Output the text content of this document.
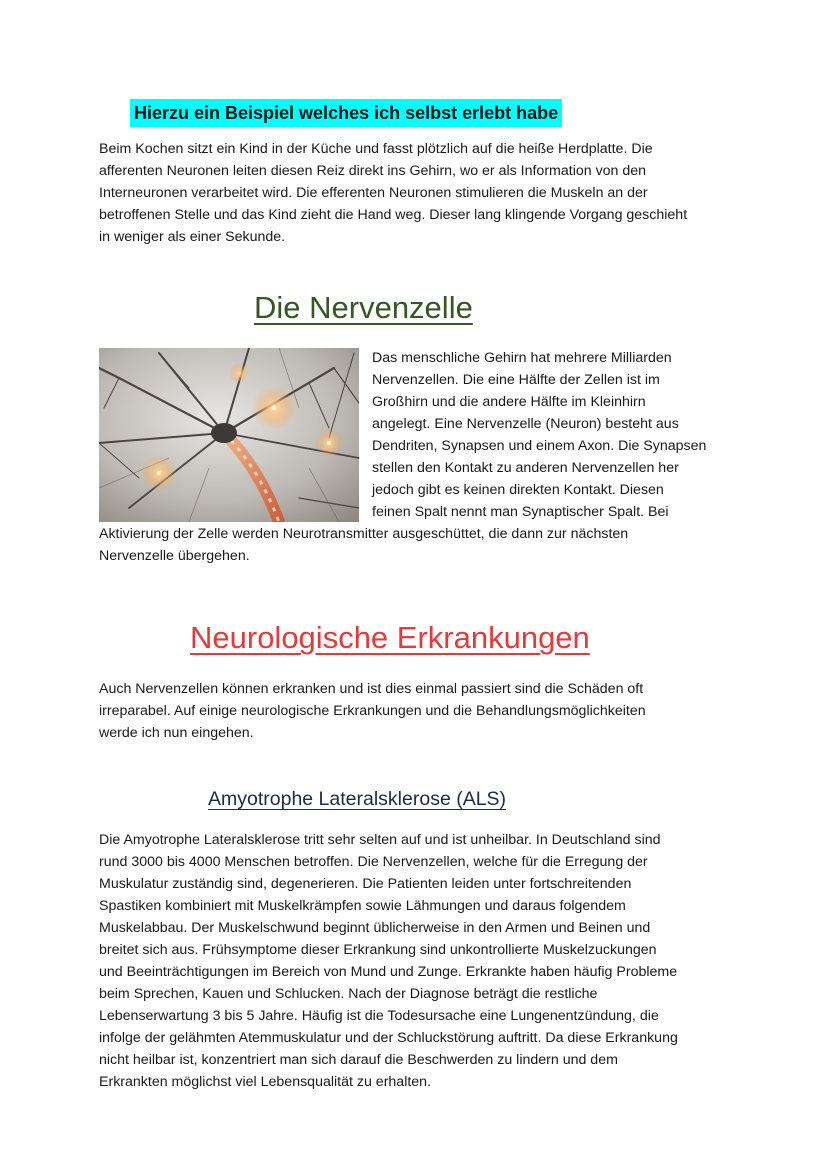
Hierzu ein Beispiel welches ich selbst erlebt habe

Beim Kochen sitzt ein Kind in der Küche und fasst plötzlich auf die heiße Herdplatte. Die
afferenten Neuronen leiten diesen Reiz direkt ins Gehirn, wo er als Information von den
Interneuronen verarbeitet wird. Die efferenten Neuronen stimulieren die Muskeln an der
betroffenen Stelle und das Kind zieht die Hand weg. Dieser lang klingende Vorgang geschieht
in weniger als einer Sekunde.

Die Nervenzelle

Das menschliche Gehirn hat mehrere Milliarden
Nervenzellen. Die eine Hälfte der Zellen ist im
Großhirn und die andere Hälfte im Kleinhirn
angelegt. Eine Nervenzelle (Neuron) besteht aus
Dendriten, Synapsen und einem Axon. Die Synapsen
stellen den Kontakt zu anderen Nervenzellen her
jedoch gibt es keinen direkten Kontakt. Diesen
feinen Spalt nennt man Synaptischer Spalt. Bei

Aktivierung der Zelle werden Neurotransmitter ausgeschüttet, die dann zur nächsten
Nervenzelle übergehen.

Neurologische Erkrankungen

Auch Nervenzellen können erkranken und ist dies einmal passiert sind die Schäden oft
irreparabel. Auf einige neurologische Erkrankungen und die Behandlungsmöglichkeiten
werde ich nun eingehen.

Amyotrophe Lateralsklerose (ALS)

Die Amyotrophe Lateralsklerose tritt sehr selten auf und ist unheilbar. In Deutschland sind
rund 3000 bis 4000 Menschen betroffen. Die Nervenzellen, welche für die Erregung der
Muskulatur zuständig sind, degenerieren. Die Patienten leiden unter fortschreitenden
Spastiken kombiniert mit Muskelkrämpfen sowie Lähmungen und daraus folgendem
Muskelabbau. Der Muskelschwund beginnt üblicherweise in den Armen und Beinen und
breitet sich aus. Frühsymptome dieser Erkrankung sind unkontrollierte Muskelzuckungen
und Beeinträchtigungen im Bereich von Mund und Zunge. Erkrankte haben häufig Probleme
beim Sprechen, Kauen und Schlucken. Nach der Diagnose beträgt die restliche
Lebenserwartung 3 bis 5 Jahre. Häufig ist die Todesursache eine Lungenentzündung, die
infolge der gelähmten Atemmuskulatur und der Schluckstörung auftritt. Da diese Erkrankung
nicht heilbar ist, konzentriert man sich darauf die Beschwerden zu lindern und dem
Erkrankten möglichst viel Lebensqualität zu erhalten.
